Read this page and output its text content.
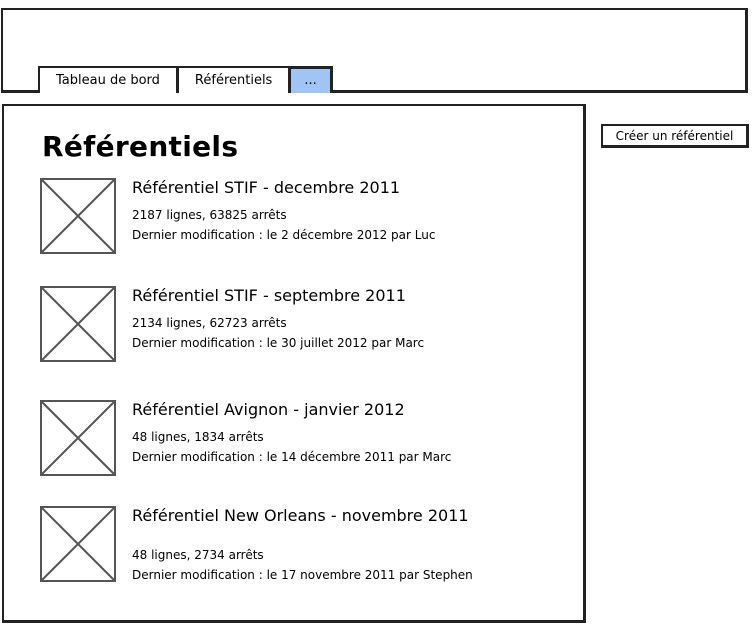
Tableau de bord	Référentiels	...
Référentiels
Référentiel STIF - decembre 2011
2187 lignes, 63825 arrêts
Dernier modification : le 2 décembre 2012 par Luc
Référentiel STIF - septembre 2011
2134 lignes, 62723 arrêts
Dernier modification : le 30 juillet 2012 par Marc
Référentiel Avignon - janvier 2012
48 lignes, 1834 arrêts
Dernier modification : le 14 décembre 2011 par Marc
Référentiel New Orleans - novembre 2011
48 lignes, 2734 arrêts
Dernier modification : le 17 novembre 2011 par Stephen
Créer un référentiel
